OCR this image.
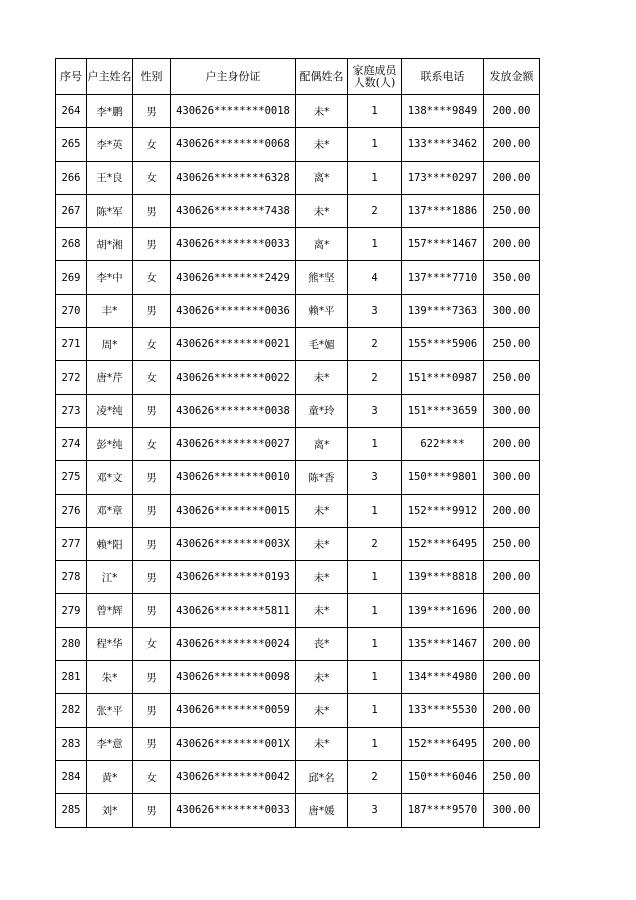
序号	户主姓名	性别	户主身份证	配偶姓名	家庭成员人数(人)	联系电话	发放金额
264	李*鹏	男	430626********0018	未*	1	138****9849	200.00
265	李*英	女	430626********0068	未*	1	133****3462	200.00
266	王*良	女	430626********6328	离*	1	173****0297	200.00
267	陈*军	男	430626********7438	未*	2	137****1886	250.00
268	胡*湘	男	430626********0033	离*	1	157****1467	200.00
269	李*中	女	430626********2429	熊*坚	4	137****7710	350.00
270	丰*	男	430626********0036	赖*平	3	139****7363	300.00
271	周*	女	430626********0021	毛*媚	2	155****5906	250.00
272	唐*芹	女	430626********0022	未*	2	151****0987	250.00
273	凌*纯	男	430626********0038	童*玲	3	151****3659	300.00
274	彭*纯	女	430626********0027	离*	1	622****	200.00
275	邓*文	男	430626********0010	陈*香	3	150****9801	300.00
276	邓*章	男	430626********0015	未*	1	152****9912	200.00
277	赖*阳	男	430626********003X	未*	2	152****6495	250.00
278	江*	男	430626********0193	未*	1	139****8818	200.00
279	曾*辉	男	430626********5811	未*	1	139****1696	200.00
280	程*华	女	430626********0024	丧*	1	135****1467	200.00
281	朱*	男	430626********0098	未*	1	134****4980	200.00
282	张*平	男	430626********0059	未*	1	133****5530	200.00
283	李*意	男	430626********001X	未*	1	152****6495	200.00
284	黄*	女	430626********0042	邱*名	2	150****6046	250.00
285	刘*	男	430626********0033	唐*媛	3	187****9570	300.00
